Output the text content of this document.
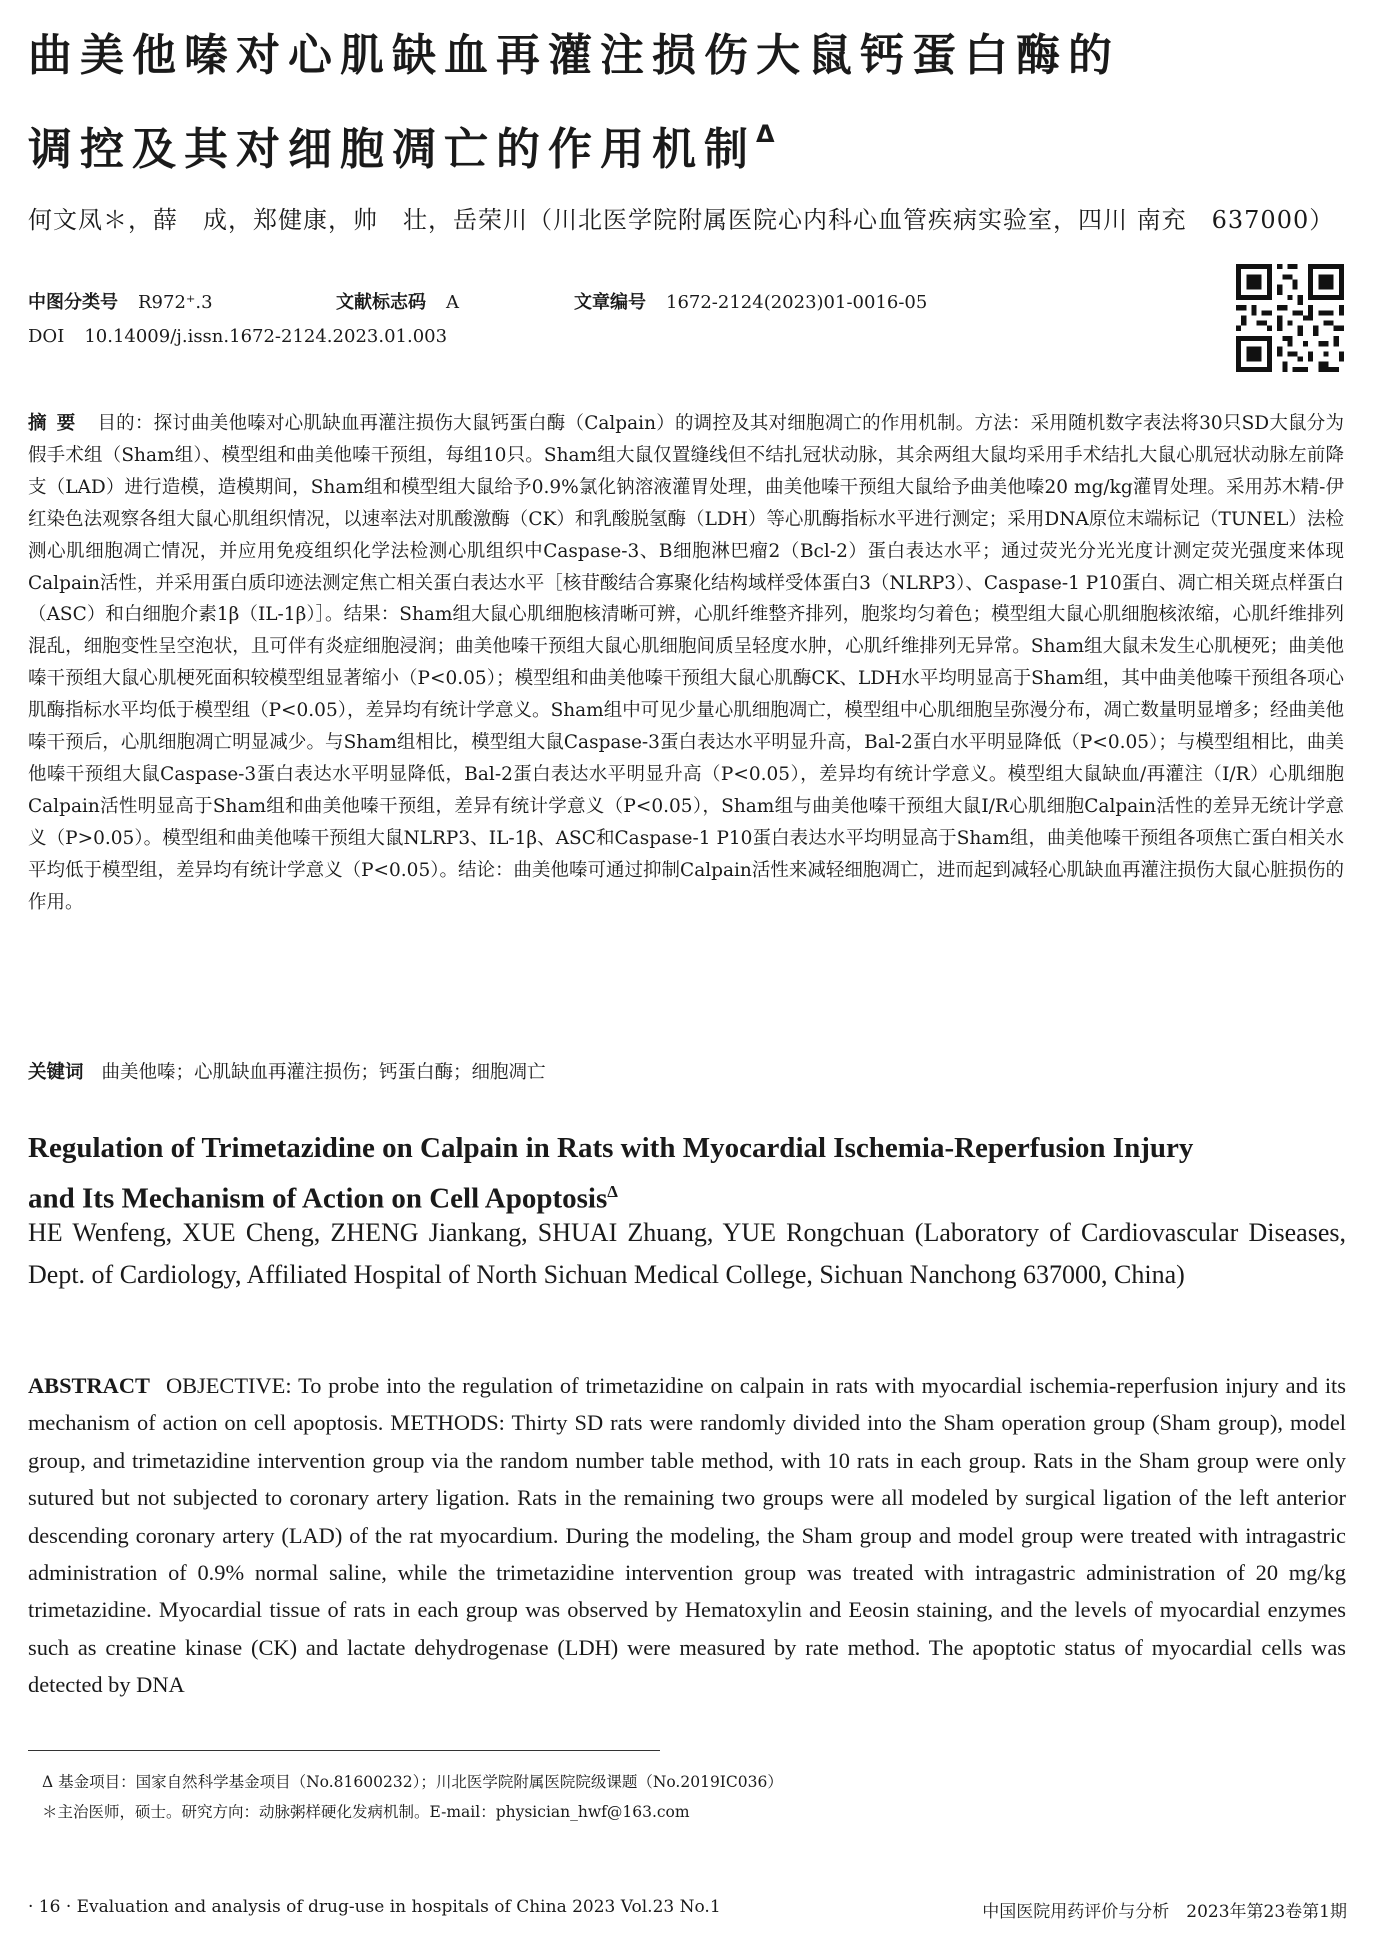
曲美他嗪对心肌缺血再灌注损伤大鼠钙蛋白酶的
调控及其对细胞凋亡的作用机制$^\Delta$
何文凤＊，薛　成，郑健康，帅　壮，岳荣川（川北医学院附属医院心内科心血管疾病实验室，四川 南充　637000）
中图分类号 R972⁺.3	文献标志码 A	文章编号 1672-2124(2023)01-0016-05
DOI 10.14009/j.issn.1672-2124.2023.01.003
摘要 目的：探讨曲美他嗪对心肌缺血再灌注损伤大鼠钙蛋白酶（Calpain）的调控及其对细胞凋亡的作用机制。方法：采用随机数字表法将30只SD大鼠分为假手术组（Sham组）、模型组和曲美他嗪干预组，每组10只。Sham组大鼠仅置缝线但不结扎冠状动脉，其余两组大鼠均采用手术结扎大鼠心肌冠状动脉左前降支（LAD）进行造模，造模期间，Sham组和模型组大鼠给予0.9%氯化钠溶液灌胃处理，曲美他嗪干预组大鼠给予曲美他嗪20 mg/kg灌胃处理。采用苏木精-伊红染色法观察各组大鼠心肌组织情况，以速率法对肌酸激酶（CK）和乳酸脱氢酶（LDH）等心肌酶指标水平进行测定；采用DNA原位末端标记（TUNEL）法检测心肌细胞凋亡情况，并应用免疫组织化学法检测心肌组织中Caspase-3、B细胞淋巴瘤2（Bcl-2）蛋白表达水平；通过荧光分光光度计测定荧光强度来体现Calpain活性，并采用蛋白质印迹法测定焦亡相关蛋白表达水平［核苷酸结合寡聚化结构域样受体蛋白3（NLRP3）、Caspase-1 P10蛋白、凋亡相关斑点样蛋白（ASC）和白细胞介素1β（IL-1β）］。结果：Sham组大鼠心肌细胞核清晰可辨，心肌纤维整齐排列，胞浆均匀着色；模型组大鼠心肌细胞核浓缩，心肌纤维排列混乱，细胞变性呈空泡状，且可伴有炎症细胞浸润；曲美他嗪干预组大鼠心肌细胞间质呈轻度水肿，心肌纤维排列无异常。Sham组大鼠未发生心肌梗死；曲美他嗪干预组大鼠心肌梗死面积较模型组显著缩小（P<0.05）；模型组和曲美他嗪干预组大鼠心肌酶CK、LDH水平均明显高于Sham组，其中曲美他嗪干预组各项心肌酶指标水平均低于模型组（P<0.05），差异均有统计学意义。Sham组中可见少量心肌细胞凋亡，模型组中心肌细胞呈弥漫分布，凋亡数量明显增多；经曲美他嗪干预后，心肌细胞凋亡明显减少。与Sham组相比，模型组大鼠Caspase-3蛋白表达水平明显升高，Bal-2蛋白水平明显降低（P<0.05）；与模型组相比，曲美他嗪干预组大鼠Caspase-3蛋白表达水平明显降低，Bal-2蛋白表达水平明显升高（P<0.05），差异均有统计学意义。模型组大鼠缺血/再灌注（I/R）心肌细胞Calpain活性明显高于Sham组和曲美他嗪干预组，差异有统计学意义（P<0.05），Sham组与曲美他嗪干预组大鼠I/R心肌细胞Calpain活性的差异无统计学意义（P>0.05）。模型组和曲美他嗪干预组大鼠NLRP3、IL-1β、ASC和Caspase-1 P10蛋白表达水平均明显高于Sham组，曲美他嗪干预组各项焦亡蛋白相关水平均低于模型组，差异均有统计学意义（P<0.05）。结论：曲美他嗪可通过抑制Calpain活性来减轻细胞凋亡，进而起到减轻心肌缺血再灌注损伤大鼠心脏损伤的作用。
关键词 曲美他嗪；心肌缺血再灌注损伤；钙蛋白酶；细胞凋亡
Regulation of Trimetazidine on Calpain in Rats with Myocardial Ischemia-Reperfusion Injury
and Its Mechanism of Action on Cell Apoptosis$^\Delta$
HE Wenfeng, XUE Cheng, ZHENG Jiankang, SHUAI Zhuang, YUE Rongchuan (Laboratory of Cardiovascular Diseases, Dept. of Cardiology, Affiliated Hospital of North Sichuan Medical College, Sichuan Nanchong 637000, China)
ABSTRACT OBJECTIVE: To probe into the regulation of trimetazidine on calpain in rats with myocardial ischemia-reperfusion injury and its mechanism of action on cell apoptosis. METHODS: Thirty SD rats were randomly divided into the Sham operation group (Sham group), model group, and trimetazidine intervention group via the random number table method, with 10 rats in each group. Rats in the Sham group were only sutured but not subjected to coronary artery ligation. Rats in the remaining two groups were all modeled by surgical ligation of the left anterior descending coronary artery (LAD) of the rat myocardium. During the modeling, the Sham group and model group were treated with intragastric administration of 0.9% normal saline, while the trimetazidine intervention group was treated with intragastric administration of 20 mg/kg trimetazidine. Myocardial tissue of rats in each group was observed by Hematoxylin and Eeosin staining, and the levels of myocardial enzymes such as creatine kinase (CK) and lactate dehydrogenase (LDH) were measured by rate method. The apoptotic status of myocardial cells was detected by DNA
Δ 基金项目：国家自然科学基金项目（No.81600232）；川北医学院附属医院院级课题（No.2019IC036）
＊主治医师，硕士。研究方向：动脉粥样硬化发病机制。E-mail：physician_hwf@163.com
· 16 · Evaluation and analysis of drug-use in hospitals of China 2023 Vol.23 No.1	中国医院用药评价与分析　2023年第23卷第1期
